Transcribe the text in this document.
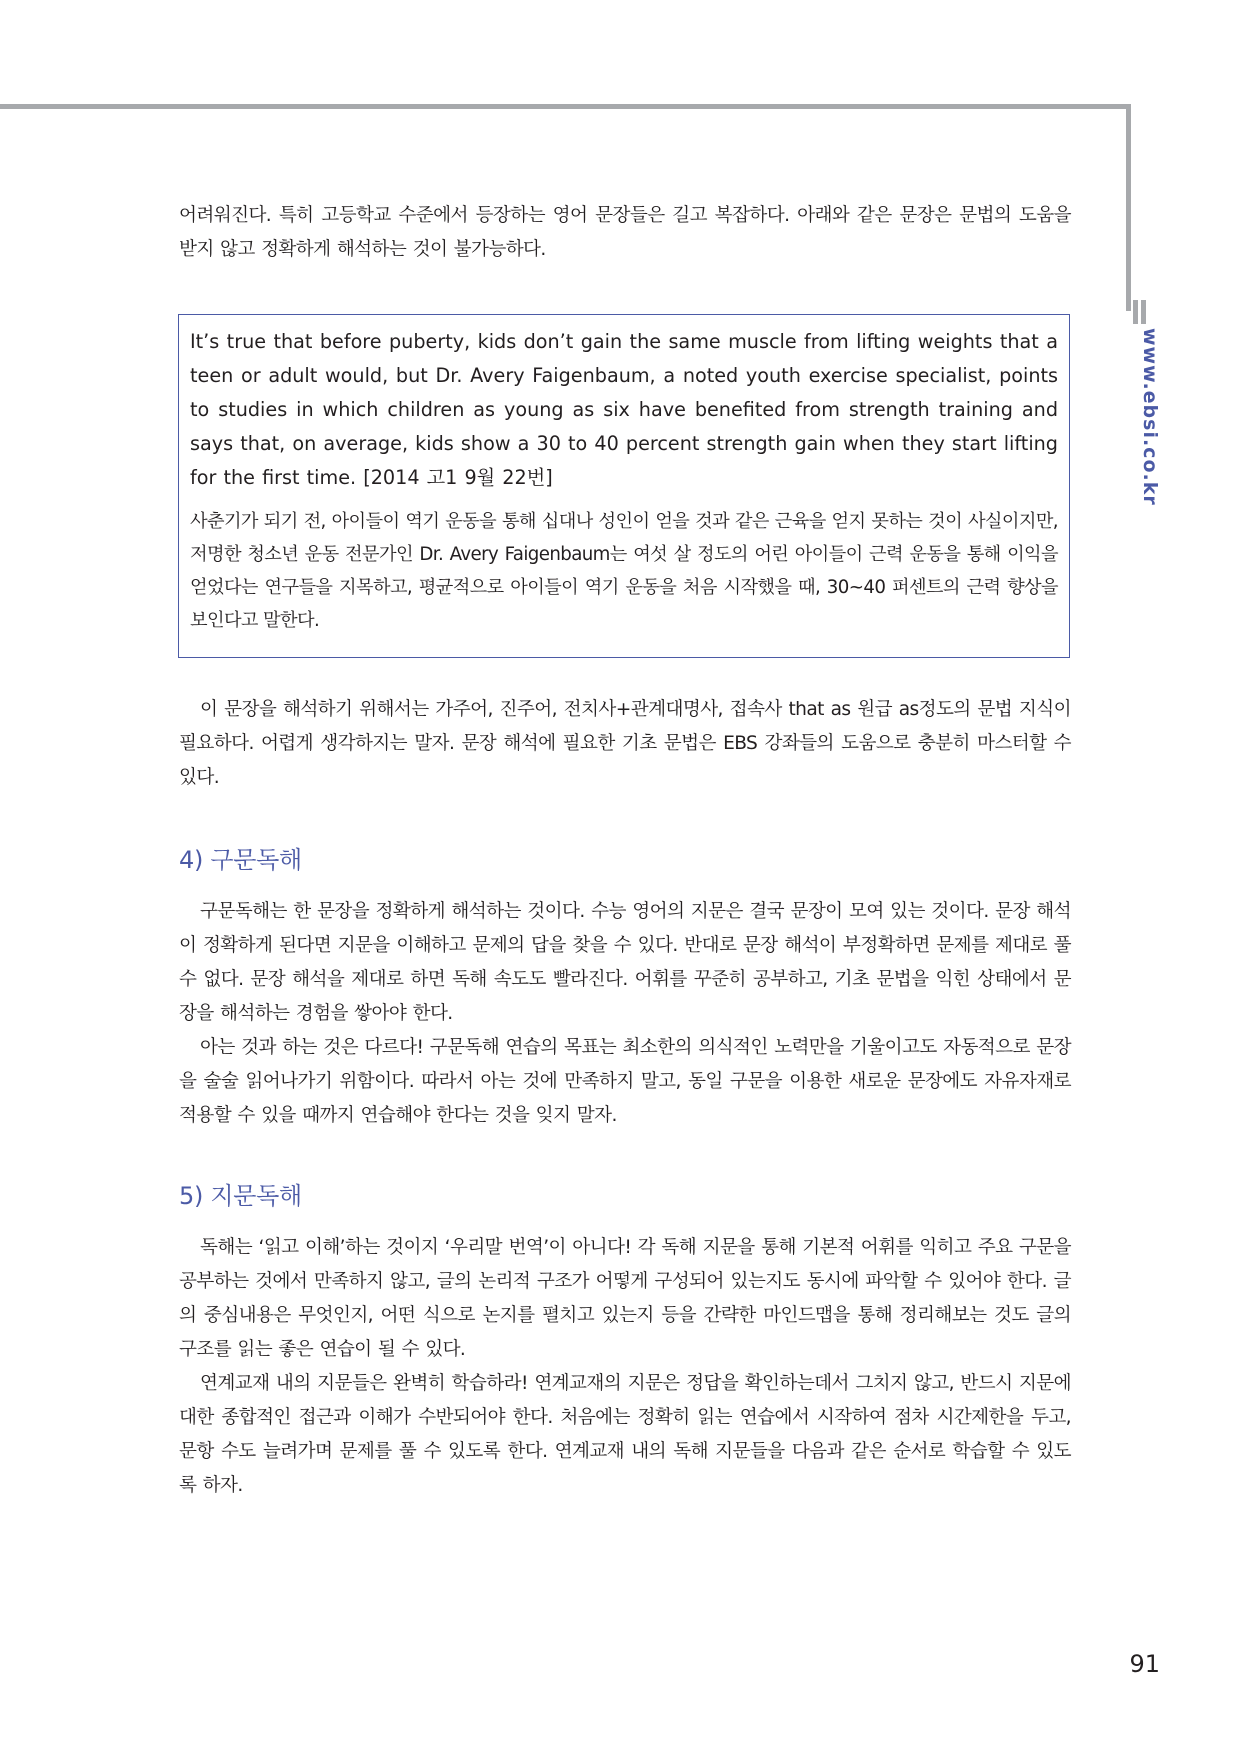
www.ebsi.co.kr

어려워진다. 특히 고등학교 수준에서 등장하는 영어 문장들은 길고 복잡하다. 아래와 같은 문장은 문법의 도움을 받지 않고 정확하게 해석하는 것이 불가능하다.

It’s true that before puberty, kids don’t gain the same muscle from lifting weights that a teen or adult would, but Dr. Avery Faigenbaum, a noted youth exercise specialist, points to studies in which children as young as six have benefited from strength training and says that, on average, kids show a 30 to 40 percent strength gain when they start lifting for the first time. [2014 고1 9월 22번]

사춘기가 되기 전, 아이들이 역기 운동을 통해 십대나 성인이 얻을 것과 같은 근육을 얻지 못하는 것이 사실이지만, 저명한 청소년 운동 전문가인 Dr. Avery Faigenbaum는 여섯 살 정도의 어린 아이들이 근력 운동을 통해 이익을 얻었다는 연구들을 지목하고, 평균적으로 아이들이 역기 운동을 처음 시작했을 때, 30~40 퍼센트의 근력 향상을 보인다고 말한다.

이 문장을 해석하기 위해서는 가주어, 진주어, 전치사+관계대명사, 접속사 that as 원급 as정도의 문법 지식이 필요하다. 어렵게 생각하지는 말자. 문장 해석에 필요한 기초 문법은 EBS 강좌들의 도움으로 충분히 마스터할 수 있다.

4) 구문독해

구문독해는 한 문장을 정확하게 해석하는 것이다. 수능 영어의 지문은 결국 문장이 모여 있는 것이다. 문장 해석이 정확하게 된다면 지문을 이해하고 문제의 답을 찾을 수 있다. 반대로 문장 해석이 부정확하면 문제를 제대로 풀 수 없다. 문장 해석을 제대로 하면 독해 속도도 빨라진다. 어휘를 꾸준히 공부하고, 기초 문법을 익힌 상태에서 문장을 해석하는 경험을 쌓아야 한다.

아는 것과 하는 것은 다르다! 구문독해 연습의 목표는 최소한의 의식적인 노력만을 기울이고도 자동적으로 문장을 술술 읽어나가기 위함이다. 따라서 아는 것에 만족하지 말고, 동일 구문을 이용한 새로운 문장에도 자유자재로 적용할 수 있을 때까지 연습해야 한다는 것을 잊지 말자.

5) 지문독해

독해는 ‘읽고 이해’하는 것이지 ‘우리말 번역’이 아니다! 각 독해 지문을 통해 기본적 어휘를 익히고 주요 구문을 공부하는 것에서 만족하지 않고, 글의 논리적 구조가 어떻게 구성되어 있는지도 동시에 파악할 수 있어야 한다. 글의 중심내용은 무엇인지, 어떤 식으로 논지를 펼치고 있는지 등을 간략한 마인드맵을 통해 정리해보는 것도 글의 구조를 읽는 좋은 연습이 될 수 있다.

연계교재 내의 지문들은 완벽히 학습하라! 연계교재의 지문은 정답을 확인하는데서 그치지 않고, 반드시 지문에 대한 종합적인 접근과 이해가 수반되어야 한다. 처음에는 정확히 읽는 연습에서 시작하여 점차 시간제한을 두고, 문항 수도 늘려가며 문제를 풀 수 있도록 한다. 연계교재 내의 독해 지문들을 다음과 같은 순서로 학습할 수 있도록 하자.

91
